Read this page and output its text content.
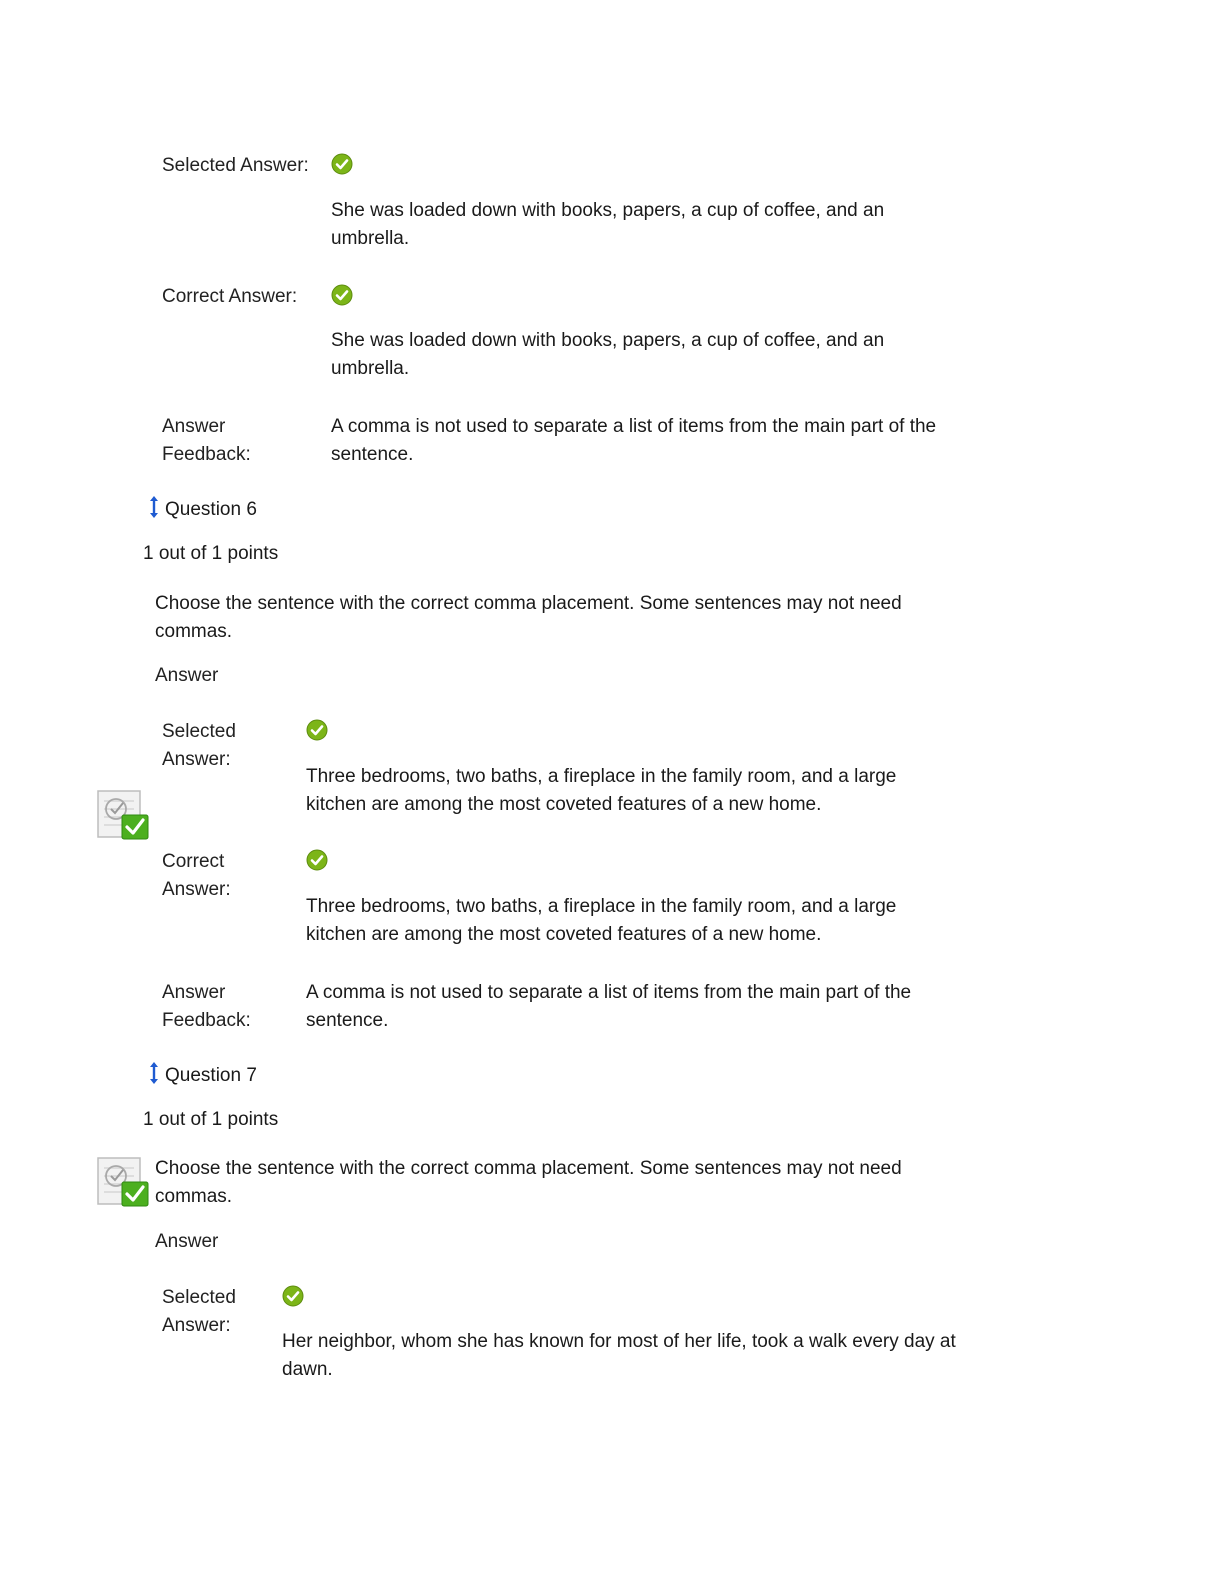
Selected Answer:
She was loaded down with books, papers, a cup of coffee, and an umbrella.
Correct Answer:
She was loaded down with books, papers, a cup of coffee, and an umbrella.
Answer Feedback:
A comma is not used to separate a list of items from the main part of the sentence.
Question 6
1 out of 1 points
Choose the sentence with the correct comma placement. Some sentences may not need commas.
Answer
Selected Answer:
Three bedrooms, two baths, a fireplace in the family room, and a large kitchen are among the most coveted features of a new home.
Correct Answer:
Three bedrooms, two baths, a fireplace in the family room, and a large kitchen are among the most coveted features of a new home.
Answer Feedback:
A comma is not used to separate a list of items from the main part of the sentence.
Question 7
1 out of 1 points
Choose the sentence with the correct comma placement. Some sentences may not need commas.
Answer
Selected Answer:
Her neighbor, whom she has known for most of her life, took a walk every day at dawn.
